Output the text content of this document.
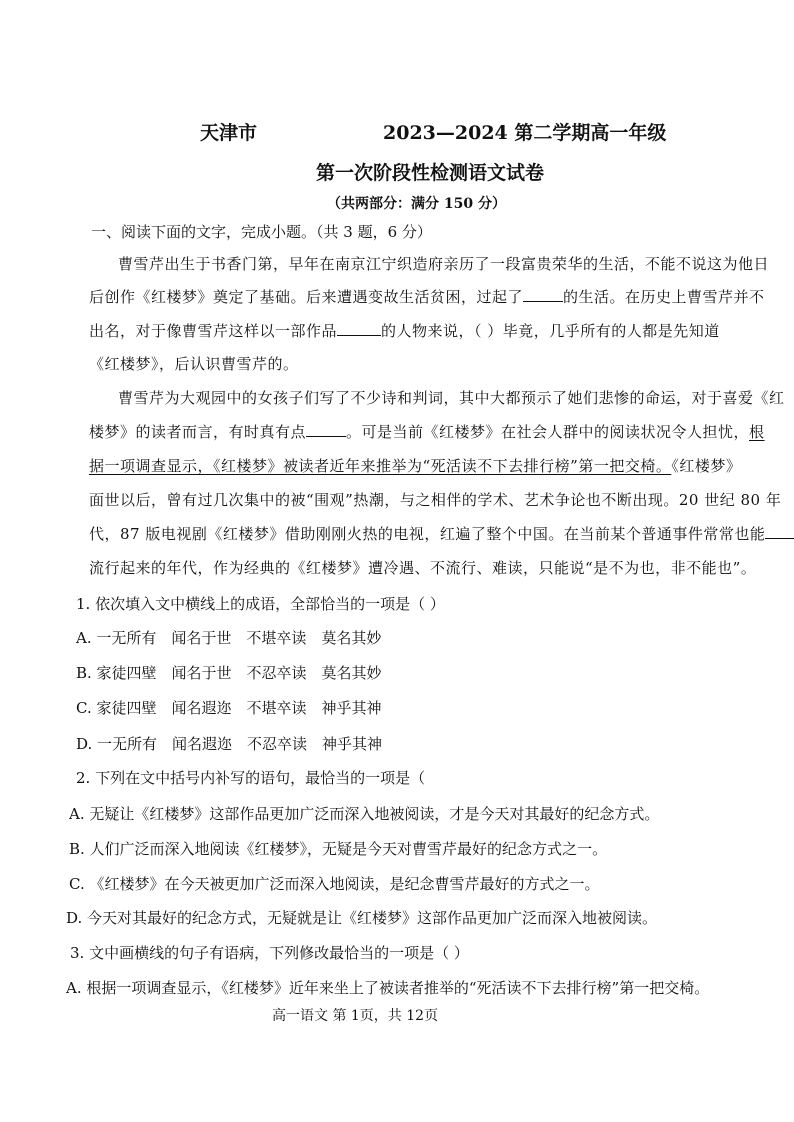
天津市	2023—2024 第二学期高一年级
第一次阶段性检测语文试卷
（共两部分：满分 150 分）
一、阅读下面的文字，完成小题。（共 3 题，6 分）
曹雪芹出生于书香门第，早年在南京江宁织造府亲历了一段富贵荣华的生活，不能不说这为他日
后创作《红楼梦》奠定了基础。后来遭遇变故生活贫困，过起了	的生活。在历史上曹雪芹并不
出名，对于像曹雪芹这样以一部作品	的人物来说，（ ）毕竟，几乎所有的人都是先知道
《红楼梦》，后认识曹雪芹的。
曹雪芹为大观园中的女孩子们写了不少诗和判词，其中大都预示了她们悲惨的命运，对于喜爱《红
楼梦》的读者而言，有时真有点	。可是当前《红楼梦》在社会人群中的阅读状况令人担忧，根
据一项调查显示，《红楼梦》被读者近年来推举为“死活读不下去排行榜”第一把交椅。《红楼梦》
面世以后，曾有过几次集中的被“围观”热潮，与之相伴的学术、艺术争论也不断出现。20 世纪 80 年
代，87 版电视剧《红楼梦》借助刚刚火热的电视，红遍了整个中国。在当前某个普通事件常常也能
流行起来的年代，作为经典的《红楼梦》遭冷遇、不流行、难读，只能说“是不为也，非不能也”。
1. 依次填入文中横线上的成语，全部恰当的一项是（ ）
A. 一无所有　闻名于世　不堪卒读　莫名其妙
B. 家徒四壁　闻名于世　不忍卒读　莫名其妙
C. 家徒四壁　闻名遐迩　不堪卒读　神乎其神
D. 一无所有　闻名遐迩　不忍卒读　神乎其神
2. 下列在文中括号内补写的语句，最恰当的一项是（
A. 无疑让《红楼梦》这部作品更加广泛而深入地被阅读，才是今天对其最好的纪念方式。
B. 人们广泛而深入地阅读《红楼梦》，无疑是今天对曹雪芹最好的纪念方式之一。
C. 《红楼梦》在今天被更加广泛而深入地阅读，是纪念曹雪芹最好的方式之一。
D. 今天对其最好的纪念方式，无疑就是让《红楼梦》这部作品更加广泛而深入地被阅读。
3. 文中画横线的句子有语病，下列修改最恰当的一项是（ ）
A. 根据一项调查显示，《红楼梦》近年来坐上了被读者推举的“死活读不下去排行榜”第一把交椅。
高一语文 第 1页，共 12页
